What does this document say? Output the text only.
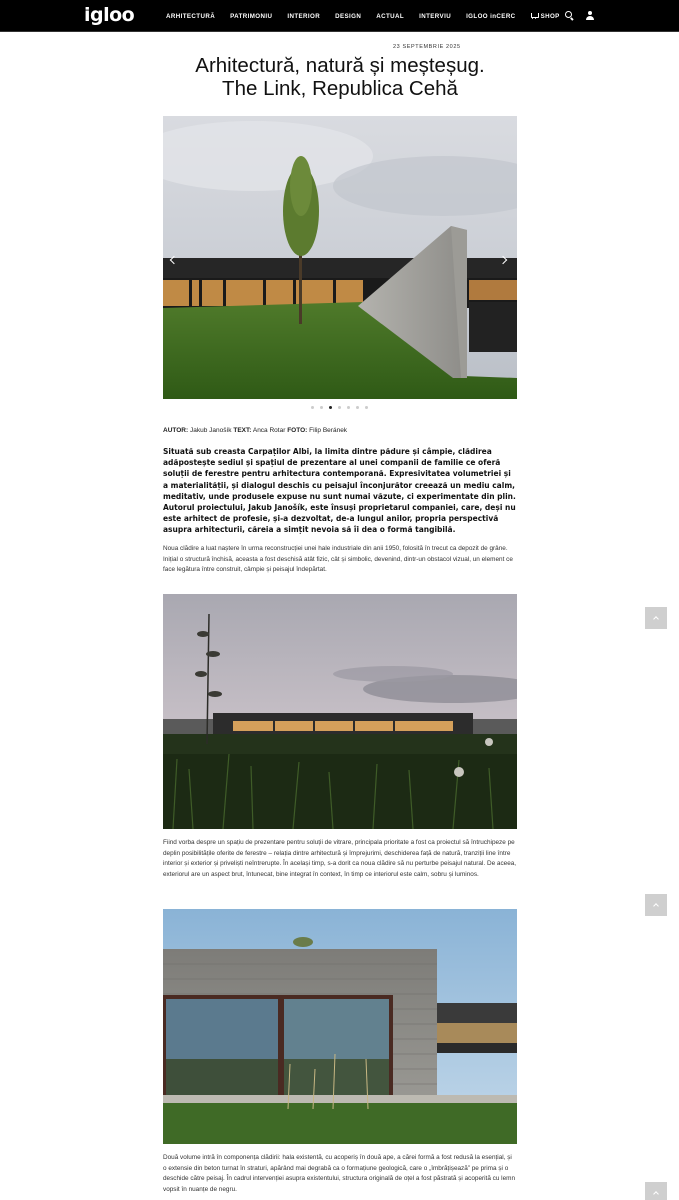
igloo	ARHITECTURĂ PATRIMONIU INTERIOR DESIGN ACTUAL INTERVIU IGLOO inCERC	SHOP
23 SEPTEMBRIE 2025
Arhitectură, natură și meșteșug.
The Link, Republica Cehă
AUTOR: Jakub Janošík TEXT: Anca Rotar FOTO: Filip Beránek

Situată sub creasta Carpaților Albi, la limita dintre pădure și câmpie, clădirea adăpostește sediul și spațiul de prezentare al unei companii de familie ce oferă soluții de ferestre pentru arhitectura contemporană. Expresivitatea volumetriei și a materialității, și dialogul deschis cu peisajul înconjurător creează un mediu calm, meditativ, unde produsele expuse nu sunt numai văzute, ci experimentate din plin. Autorul proiectului, Jakub Janošík, este însuși proprietarul companiei, care, deși nu este arhitect de profesie, și-a dezvoltat, de-a lungul anilor, propria perspectivă asupra arhitecturii, căreia a simțit nevoia să îi dea o formă tangibilă.

Noua clădire a luat naștere în urma reconstrucției unei hale industriale din anii 1950, folosită în trecut ca depozit de grâne. Inițial o structură închisă, aceasta a fost deschisă atât fizic, cât și simbolic, devenind, dintr-un obstacol vizual, un element ce face legătura între construit, câmpie și peisajul îndepărtat.

Fiind vorba despre un spațiu de prezentare pentru soluții de vitrare, principala prioritate a fost ca proiectul să întruchipeze pe deplin posibilitățile oferite de ferestre – relația dintre arhitectură și împrejurimi, deschiderea față de natură, tranziții line între interior și exterior și priveliști neîntrerupte. În același timp, s-a dorit ca noua clădire să nu perturbe peisajul natural. De aceea, exteriorul are un aspect brut, întunecat, bine integrat în context, în timp ce interiorul este calm, sobru și luminos.

Două volume intră în componența clădirii: hala existentă, cu acoperiș în două ape, a cărei formă a fost redusă la esențial, și o extensie din beton turnat în straturi, apărând mai degrabă ca o formațiune geologică, care o „îmbrățișează” pe prima și o deschide către peisaj. În cadrul intervenției asupra existentului, structura originală de oțel a fost păstrată și acoperită cu lemn vopsit în nuanțe de negru.
